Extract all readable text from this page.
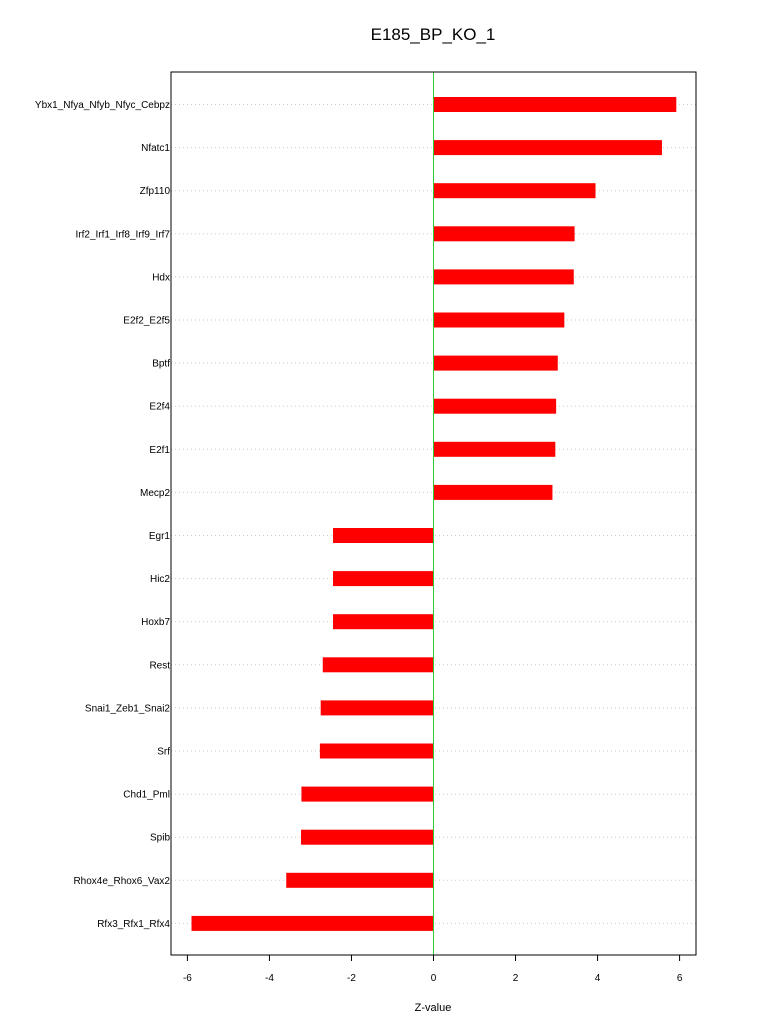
E185_BP_KO_1
Ybx1_Nfya_Nfyb_Nfyc_Cebpz
Nfatc1
Zfp110
Irf2_Irf1_Irf8_Irf9_Irf7
Hdx
E2f2_E2f5
Bptf
E2f4
E2f1
Mecp2
Egr1
Hic2
Hoxb7
Rest
Snai1_Zeb1_Snai2
Srf
Chd1_Pml
Spib
Rhox4e_Rhox6_Vax2
Rfx3_Rfx1_Rfx4
-6	-4	-2	0	2	4	6
Z-value
